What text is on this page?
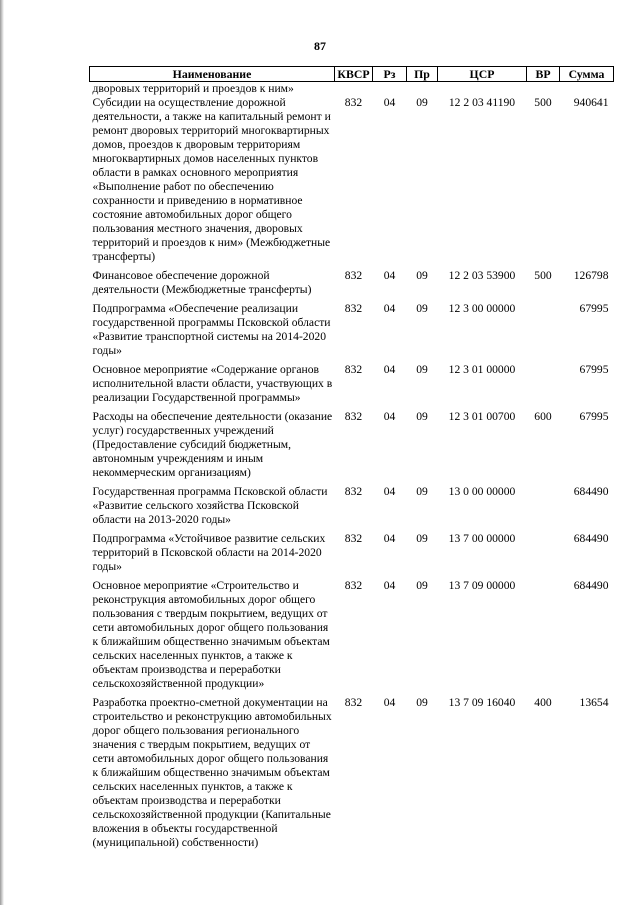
87
Наименование	КВСР	Рз	Пр	ЦСР	ВР	Сумма
дворовых территорий и проездов к ним»						
Субсидии на осуществление дорожной деятельности, а также на капитальный ремонт и ремонт дворовых территорий многоквартирных домов, проездов к дворовым территориям многоквартирных домов населенных пунктов области в рамках основного мероприятия «Выполнение работ по обеспечению сохранности и приведению в нормативное состояние автомобильных дорог общего пользования местного значения, дворовых территорий и проездов к ним» (Межбюджетные трансферты)	832	04	09	12 2 03 41190	500	940641
Финансовое обеспечение дорожной деятельности (Межбюджетные трансферты)	832	04	09	12 2 03 53900	500	126798
Подпрограмма «Обеспечение реализации государственной программы Псковской области «Развитие транспортной системы на 2014-2020 годы»	832	04	09	12 3 00 00000		67995
Основное мероприятие «Содержание органов исполнительной власти области, участвующих в реализации Государственной программы»	832	04	09	12 3 01 00000		67995
Расходы на обеспечение деятельности (оказание услуг) государственных учреждений (Предоставление субсидий бюджетным, автономным учреждениям и иным некоммерческим организациям)	832	04	09	12 3 01 00700	600	67995
Государственная программа Псковской области «Развитие сельского хозяйства Псковской области на 2013-2020 годы»	832	04	09	13 0 00 00000		684490
Подпрограмма «Устойчивое развитие сельских территорий в Псковской области на 2014-2020 годы»	832	04	09	13 7 00 00000		684490
Основное мероприятие «Строительство и реконструкция автомобильных дорог общего пользования с твердым покрытием, ведущих от сети автомобильных дорог общего пользования к ближайшим общественно значимым объектам сельских населенных пунктов, а также к объектам производства и переработки сельскохозяйственной продукции»	832	04	09	13 7 09 00000		684490
Разработка проектно-сметной документации на строительство и реконструкцию автомобильных дорог общего пользования регионального значения с твердым покрытием, ведущих от сети автомобильных дорог общего пользования к ближайшим общественно значимым объектам сельских населенных пунктов, а также к объектам производства и переработки сельскохозяйственной продукции (Капитальные вложения в объекты государственной (муниципальной) собственности)	832	04	09	13 7 09 16040	400	13654
